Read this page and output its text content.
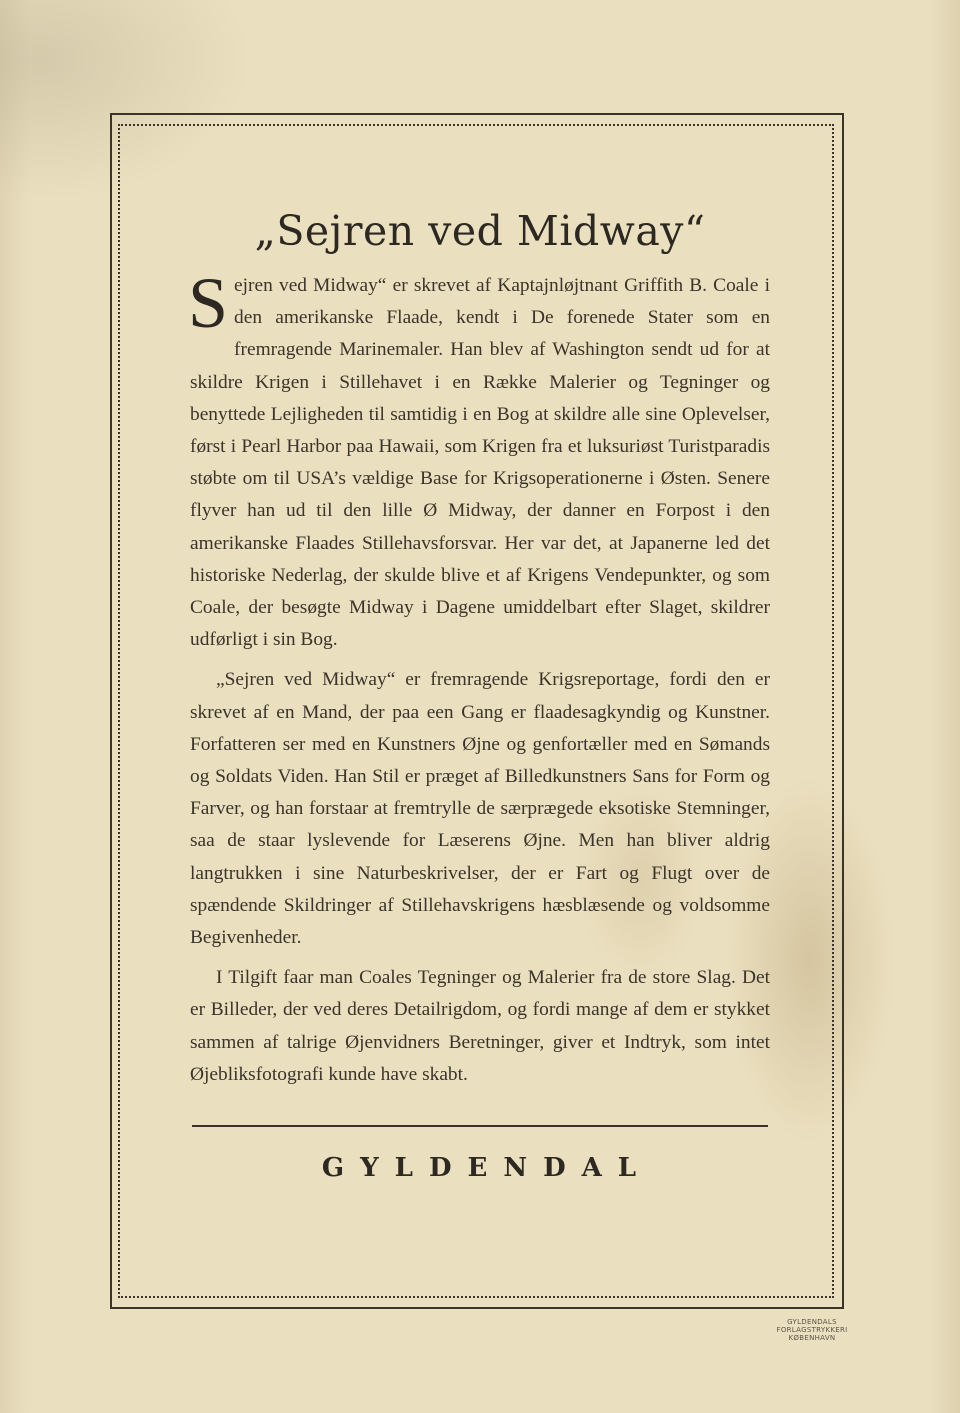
„Sejren ved Midway“

Sejren ved Midway“ er skrevet af Kaptajnløjtnant Griffith B. Coale i den amerikanske Flaade, kendt i De forenede Stater som en fremragende Marinemaler. Han blev af Washington sendt ud for at skildre Krigen i Stillehavet i en Række Malerier og Tegninger og benyttede Lejligheden til samtidig i en Bog at skildre alle sine Oplevelser, først i Pearl Harbor paa Hawaii, som Krigen fra et luksuriøst Turistparadis støbte om til USA’s vældige Base for Krigsoperationerne i Østen. Senere flyver han ud til den lille Ø Midway, der danner en Forpost i den amerikanske Flaades Stillehavsforsvar. Her var det, at Japanerne led det historiske Nederlag, der skulde blive et af Krigens Vendepunkter, og som Coale, der besøgte Midway i Dagene umiddelbart efter Slaget, skildrer udførligt i sin Bog.

„Sejren ved Midway“ er fremragende Krigsreportage, fordi den er skrevet af en Mand, der paa een Gang er flaadesagkyndig og Kunstner. Forfatteren ser med en Kunstners Øjne og genfortæller med en Sømands og Soldats Viden. Han Stil er præget af Billedkunstners Sans for Form og Farver, og han forstaar at fremtrylle de særprægede eksotiske Stemninger, saa de staar lyslevende for Læserens Øjne. Men han bliver aldrig langtrukken i sine Naturbeskrivelser, der er Fart og Flugt over de spændende Skildringer af Stillehavskrigens hæsblæsende og voldsomme Begivenheder.

I Tilgift faar man Coales Tegninger og Malerier fra de store Slag. Det er Billeder, der ved deres Detailrigdom, og fordi mange af dem er stykket sammen af talrige Øjenvidners Beretninger, giver et Indtryk, som intet Øjebliksfotografi kunde have skabt.

GYLDENDAL
GYLDENDALS
FORLAGSTRYKKERI
KØBENHAVN
